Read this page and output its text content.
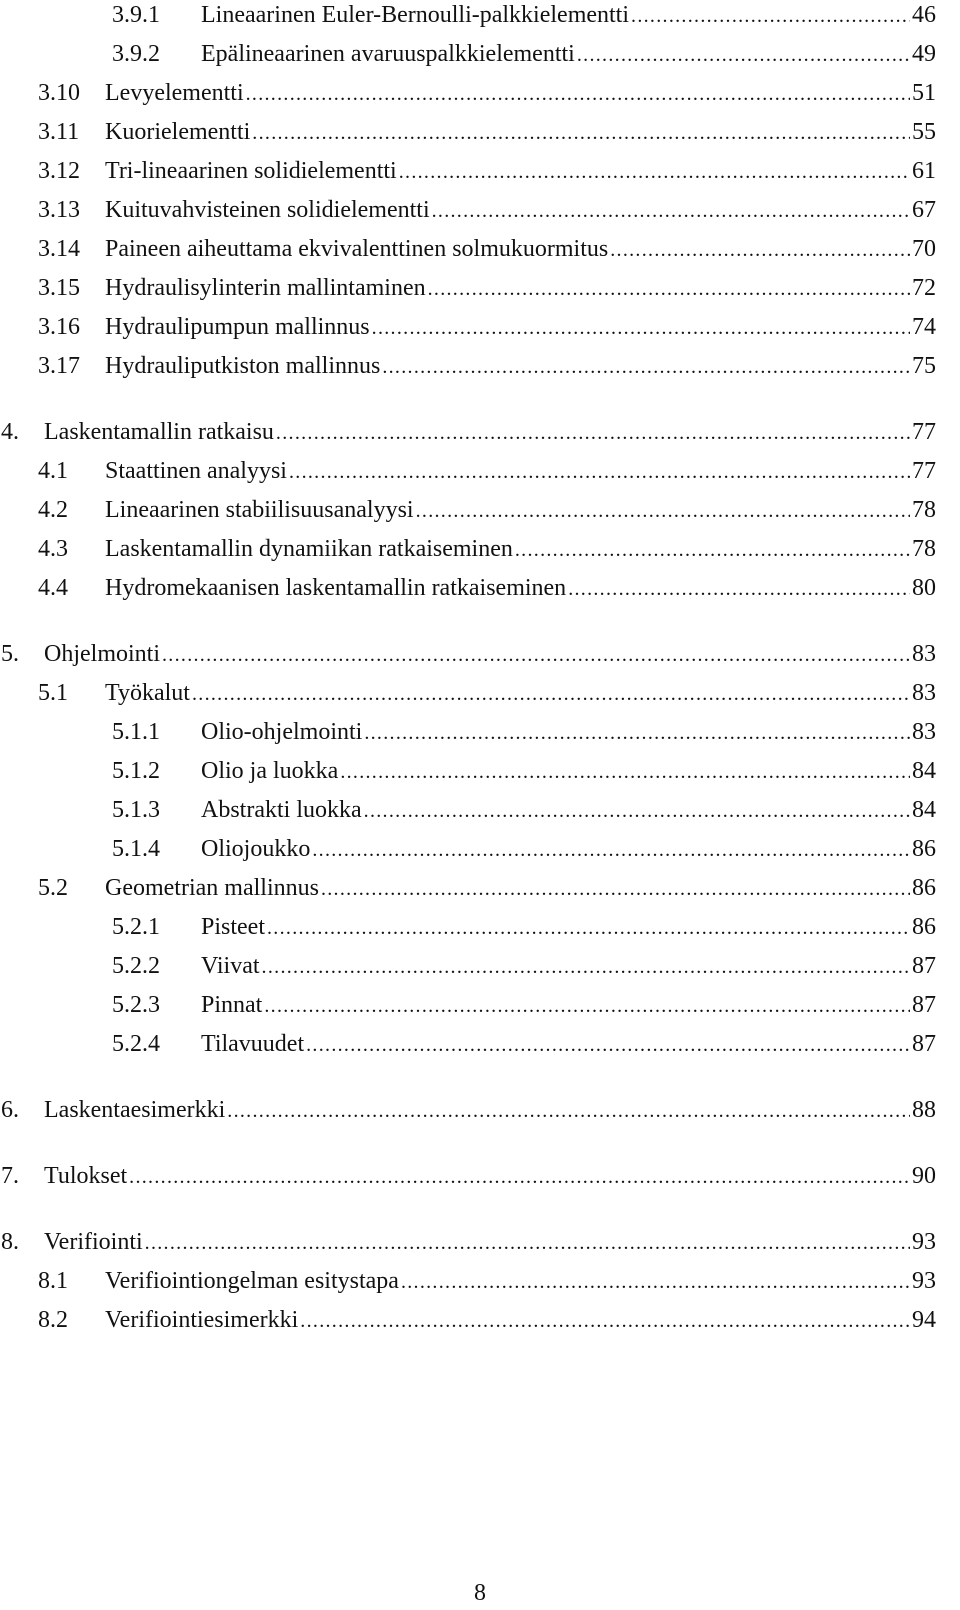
3.9.1 Lineaarinen Euler-Bernoulli-palkkielementti .....	46
3.9.2 Epälineaarinen avaruuspalkkielementti .....	49
3.10 Levyelementti .....	51
3.11 Kuorielementti .....	55
3.12 Tri-lineaarinen solidielementti .....	61
3.13 Kuituvahvisteinen solidielementti .....	67
3.14 Paineen aiheuttama ekvivalenttinen solmukuormitus .....	70
3.15 Hydraulisylinterin mallintaminen .....	72
3.16 Hydraulipumpun mallinnus .....	74
3.17 Hydrauliputkiston mallinnus .....	75
4. Laskentamallin ratkaisu .....	77
4.1 Staattinen analyysi .....	77
4.2 Lineaarinen stabiilisuusanalyysi .....	78
4.3 Laskentamallin dynamiikan ratkaiseminen .....	78
4.4 Hydromekaanisen laskentamallin ratkaiseminen .....	80
5. Ohjelmointi .....	83
5.1 Työkalut .....	83
5.1.1 Olio-ohjelmointi .....	83
5.1.2 Olio ja luokka .....	84
5.1.3 Abstrakti luokka .....	84
5.1.4 Oliojoukko .....	86
5.2 Geometrian mallinnus .....	86
5.2.1 Pisteet .....	86
5.2.2 Viivat .....	87
5.2.3 Pinnat .....	87
5.2.4 Tilavuudet .....	87
6. Laskentaesimerkki .....	88
7. Tulokset .....	90
8. Verifiointi .....	93
8.1 Verifiointiongelman esitystapa .....	93
8.2 Verifiointiesimerkki .....	94
8
